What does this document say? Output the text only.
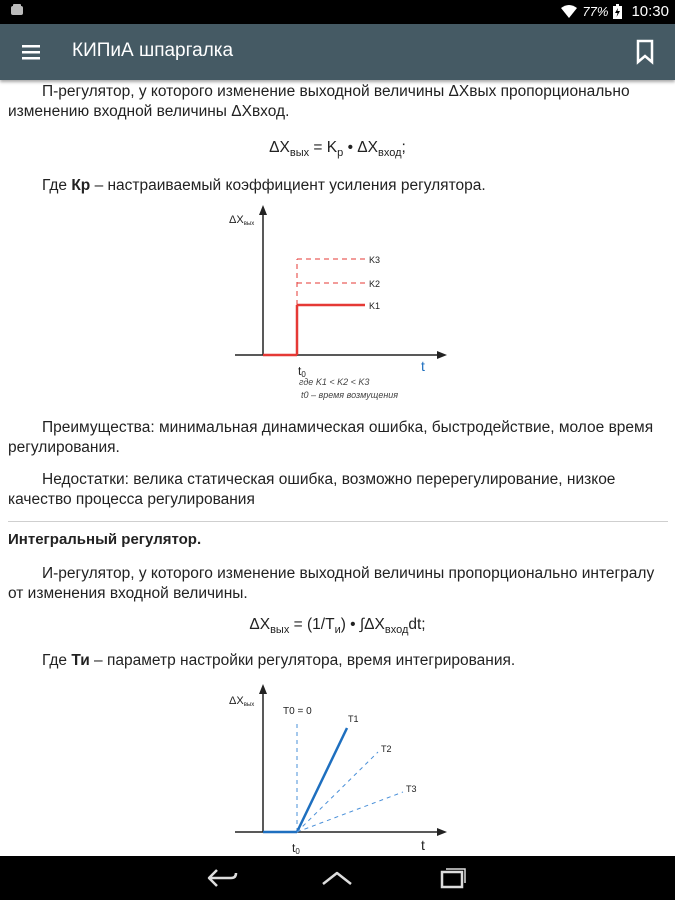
77% 10:30
КИПиА шпаргалка

П-регулятор, у которого изменение выходной величины ΔXвых пропорционально изменению входной величины ΔXвход.

$\Delta X_{вых} = K_p$ • $\Delta X_{вход}$;

Где Кр – настраиваемый коэффициент усиления регулятора.

ΔXвых
t
t0
K3
K2
K1
где K1 < K2 < K3
t0 – время возмущения

Преимущества: минимальная динамическая ошибка, быстродействие, молое время регулирования.

Недостатки: велика статическая ошибка, возможно перерегулирование, низкое качество процесса регулирования

Интегральный регулятор.

И-регулятор, у которого изменение выходной величины пропорционально интегралу от изменения входной величины.

$\Delta X_{вых} = (1/T_и)$ • $\int\Delta X_{вход}dt$;

Где Ти – параметр настройки регулятора, время интегрирования.

ΔXвых
t
t0
T0 = 0
T1
T2
T3
